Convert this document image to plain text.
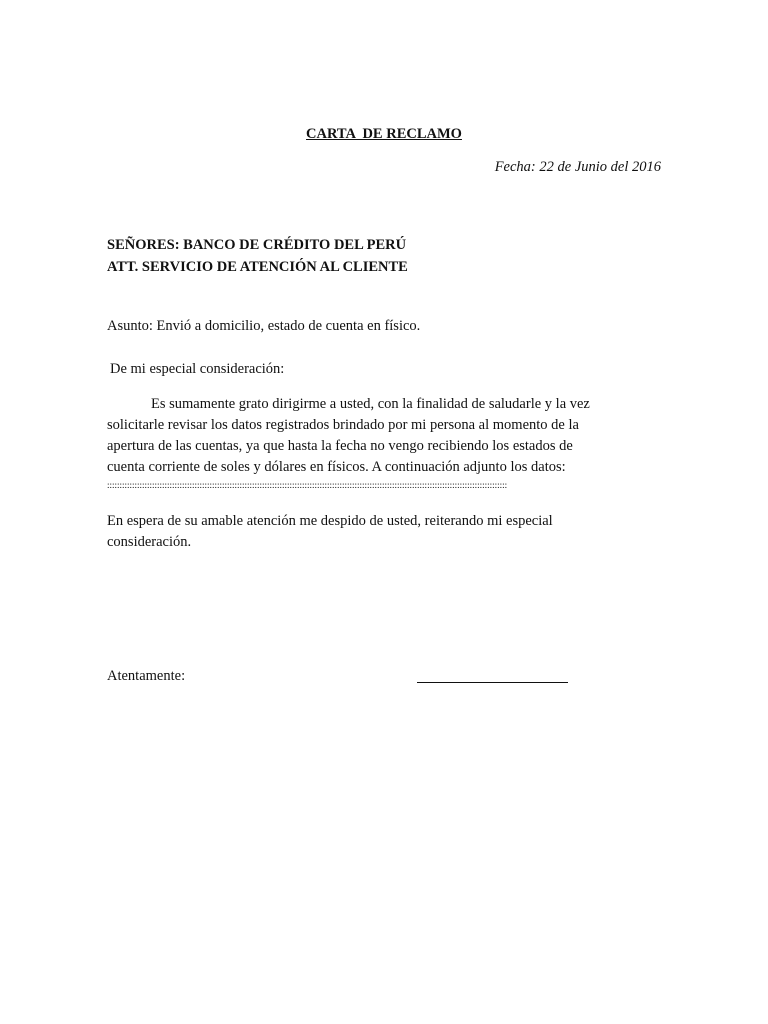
CARTA  DE RECLAMO
Fecha: 22 de Junio del 2016
SEÑORES: BANCO DE CRÉDITO DEL PERÚ
ATT. SERVICIO DE ATENCIÓN AL CLIENTE
Asunto: Envió a domicilio, estado de cuenta en físico.
De mi especial consideración:
Es sumamente grato dirigirme a usted, con la finalidad de saludarle y la vez
solicitarle revisar los datos registrados brindado por mi persona al momento de la
apertura de las cuentas, ya que hasta la fecha no vengo recibiendo los estados de
cuenta corriente de soles y dólares en físicos. A continuación adjunto los datos:
::::::::::::::::::::::::::::::::::::::::::::::::::::::::::::::::::::::::::::::::::::::::::::::::::::::::::::::::::::::::::::::::::::::::::::::::::::::::::::::::
En espera de su amable atención me despido de usted, reiterando mi especial
consideración.
Atentamente:
